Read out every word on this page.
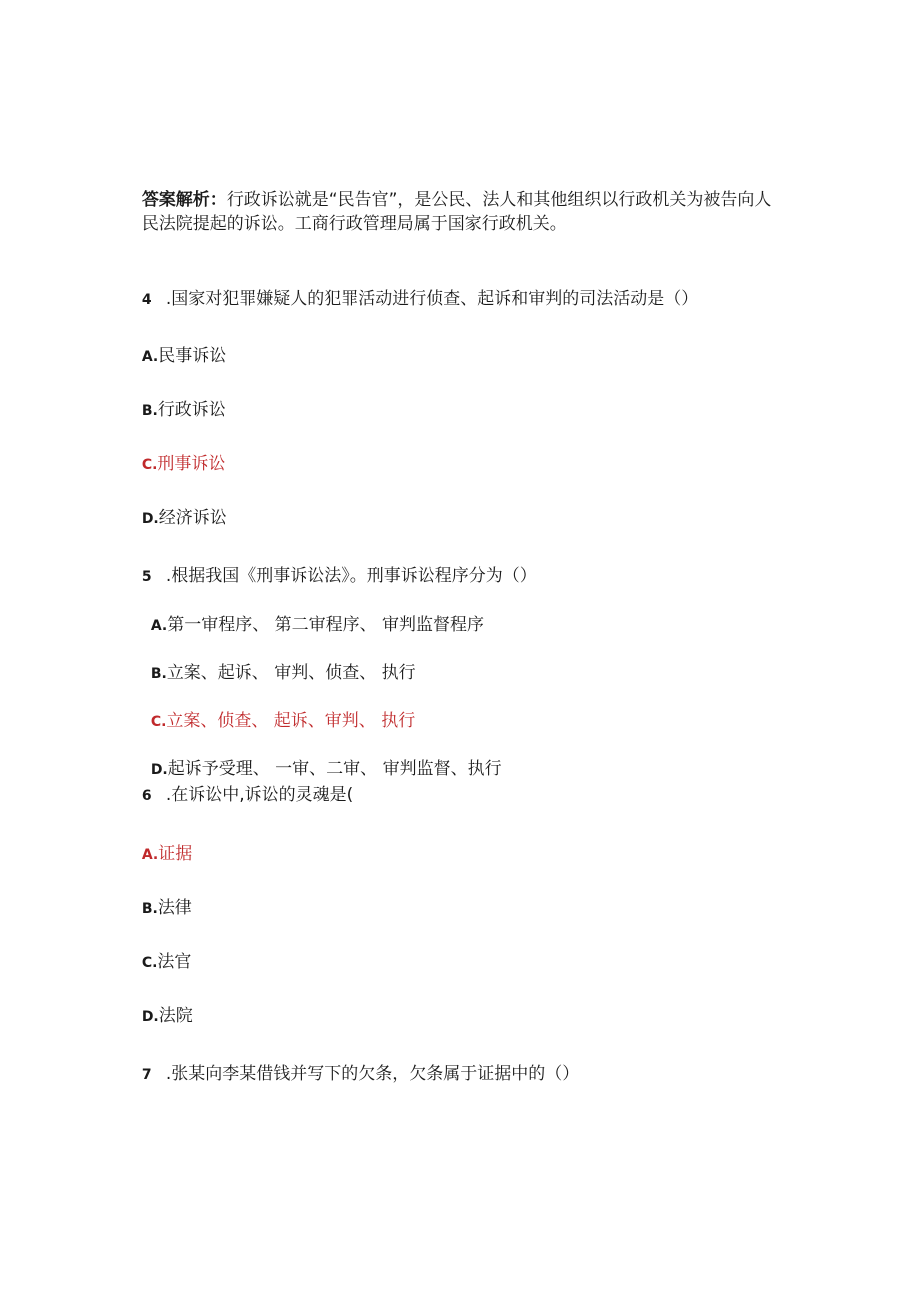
答案解析：行政诉讼就是“民告官”，是公民、法人和其他组织以行政机关为被告向人

民法院提起的诉讼。工商行政管理局属于国家行政机关。

4 .国家对犯罪嫌疑人的犯罪活动进行侦查、起诉和审判的司法活动是（）

A.民事诉讼

B.行政诉讼

C.刑事诉讼

D.经济诉讼

5 .根据我国《刑事诉讼法》。刑事诉讼程序分为（）

A.第一审程序、 第二审程序、 审判监督程序

B.立案、起诉、 审判、侦查、 执行

C.立案、侦查、 起诉、审判、 执行

D.起诉予受理、 一审、二审、 审判监督、执行

6 .在诉讼中,诉讼的灵魂是(

A.证据

B.法律

C.法官

D.法院

7 .张某向李某借钱并写下的欠条，欠条属于证据中的（）
